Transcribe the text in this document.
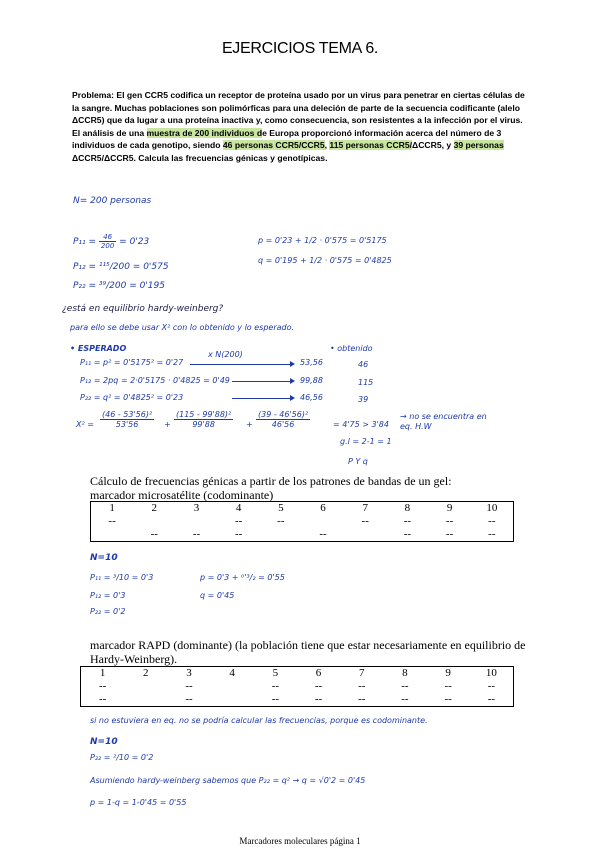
EJERCICIOS TEMA 6.
Problema: El gen CCR5 codifica un receptor de proteína usado por un virus para penetrar en ciertas células de la sangre. Muchas poblaciones son polimórficas para una deleción de parte de la secuencia codificante (alelo ΔCCR5) que da lugar a una proteína inactiva y, como consecuencia, son resistentes a la infección por el virus. El análisis de una muestra de 200 individuos de Europa proporcionó información acerca del número de 3 individuos de cada genotipo, siendo 46 personas CCR5/CCR5, 115 personas CCR5/ΔCCR5, y 39 personas ΔCCR5/ΔCCR5. Calcula las frecuencias génicas y genotípicas.
N= 200 personas
$P_{11} = \frac{46}{200} = 0'23$
P₁₂ = ¹¹⁵/200 = 0'575
P₂₂ = ³⁹/200 = 0'195
p = 0'23 + 1/2 · 0'575 = 0'5175
q = 0'195 + 1/2 · 0'575 = 0'4825
¿está en equilibrio hardy-weinberg?
para ello se debe usar X² con lo obtenido y lo esperado.
• ESPERADO	• obtenido
P₁₁ = p² = 0'5175² = 0'27
x N(200)
53,56	46
P₁₂ = 2pq = 2·0'5175 · 0'4825 = 0'49	99,88	115
P₂₂ = q² = 0'4825² = 0'23	46,56	39
$X^2 = \frac{\text{(46 - 53'56)²}}{53'56} + \frac{\text{(115 - 99'88)²}}{99'88} + \frac{\text{(39 - 46'56)²}}{46'56}$	= 4'75 > 3'84
→ no se encuentra en eq. H.W
g.l = 2-1 = 1
P Y q
Cálculo de frecuencias génicas a partir de los patrones de bandas de un gel:
marcador microsatélite (codominante)
1	2	3	4	5	6	7	8	9	10
--			--	--		--	--	--	--
	--	--	--		--		--	--	--
N=10
P₁₁ = ³/10 = 0'3
P₁₂ = 0'3
P₂₂ = 0'2
p = 0'3 + ⁰'³/₂ = 0'55
q = 0'45
marcador RAPD (dominante) (la población tiene que estar necesariamente en equilibrio de Hardy-Weinberg).
1	2	3	4	5	6	7	8	9	10
--		--		--	--	--	--	--	--
--		--		--	--	--	--	--	--
si no estuviera en eq. no se podría calcular las frecuencias, porque es codominante.
N=10
P₂₂ = ²/10 = 0'2
Asumiendo hardy-weinberg sabemos que P₂₂ = q² → q = √0'2 = 0'45
p = 1-q = 1-0'45 = 0'55
Marcadores moleculares página 1
